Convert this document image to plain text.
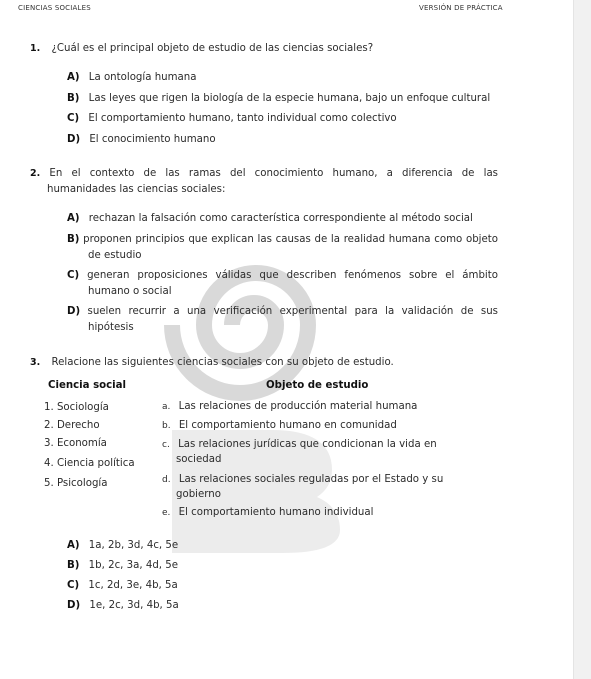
CIENCIAS SOCIALES	VERSIÓN DE PRÁCTICA
1. ¿Cuál es el principal objeto de estudio de las ciencias sociales?
A) La ontología humana
B) Las leyes que rigen la biología de la especie humana, bajo un enfoque cultural
C) El comportamiento humano, tanto individual como colectivo
D) El conocimiento humano
2. En el contexto de las ramas del conocimiento humano, a diferencia de las
humanidades las ciencias sociales:
A) rechazan la falsación como característica correspondiente al método social
B) proponen principios que explican las causas de la realidad humana como objeto
de estudio
C) generan proposiciones válidas que describen fenómenos sobre el ámbito
humano o social
D) suelen recurrir a una verificación experimental para la validación de sus
hipótesis
3. Relacione las siguientes ciencias sociales con su objeto de estudio.
Ciencia social	Objeto de estudio
1. Sociología
2. Derecho
3. Economía
4. Ciencia política
5. Psicología
a. Las relaciones de producción material humana
b. El comportamiento humano en comunidad
c. Las relaciones jurídicas que condicionan la vida en
sociedad
d. Las relaciones sociales reguladas por el Estado y su
gobierno
e. El comportamiento humano individual
A) 1a, 2b, 3d, 4c, 5e
B) 1b, 2c, 3a, 4d, 5e
C) 1c, 2d, 3e, 4b, 5a
D) 1e, 2c, 3d, 4b, 5a
